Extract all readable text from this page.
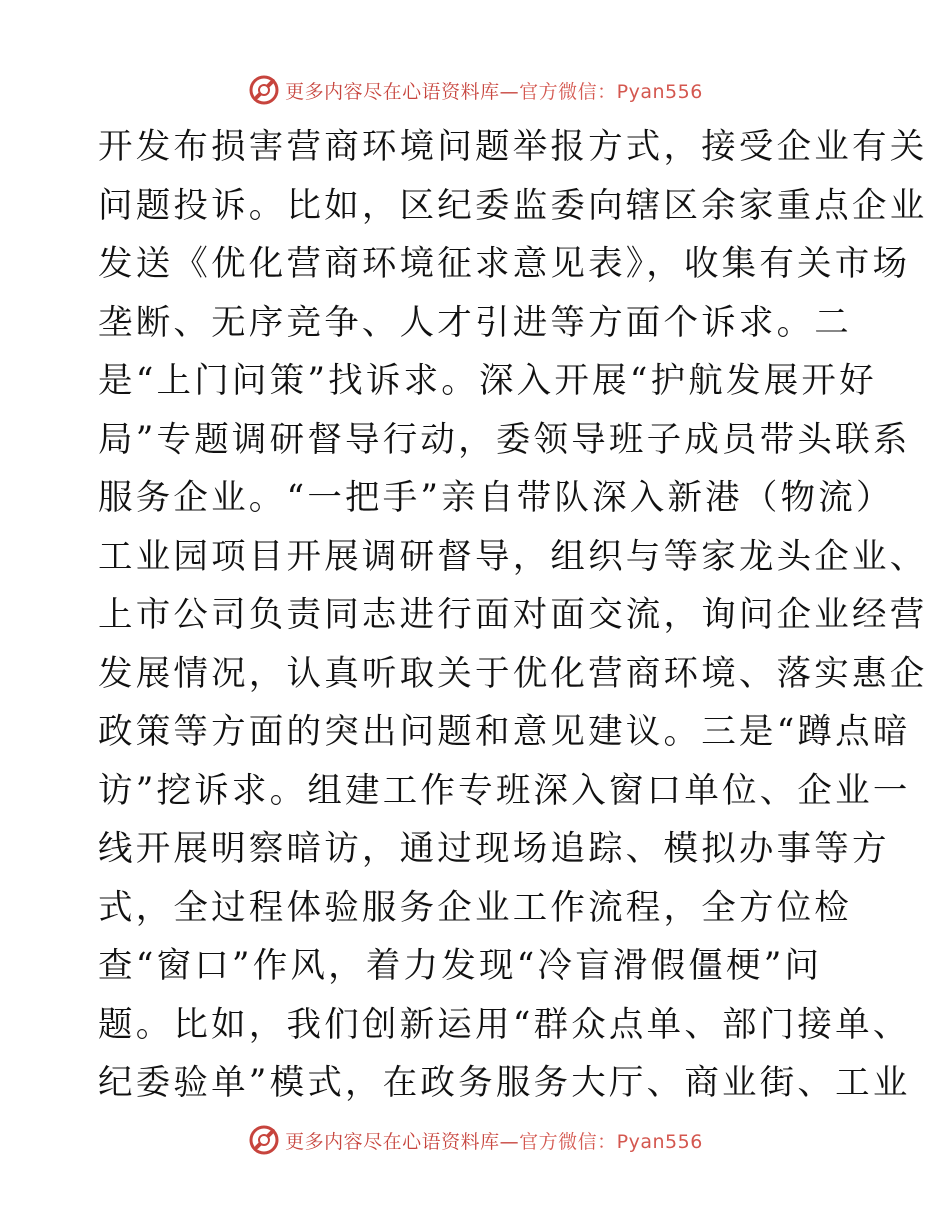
更多内容尽在心语资料库—官方微信：Pyan556
开发布损害营商环境问题举报方式，接受企业有关
问题投诉。比如，区纪委监委向辖区余家重点企业
发送《优化营商环境征求意见表》，收集有关市场
垄断、无序竞争、人才引进等方面个诉求。二
是“上门问策”找诉求。深入开展“护航发展开好
局”专题调研督导行动，委领导班子成员带头联系
服务企业。“一把手”亲自带队深入新港（物流）
工业园项目开展调研督导，组织与等家龙头企业、
上市公司负责同志进行面对面交流，询问企业经营
发展情况，认真听取关于优化营商环境、落实惠企
政策等方面的突出问题和意见建议。三是“蹲点暗
访”挖诉求。组建工作专班深入窗口单位、企业一
线开展明察暗访，通过现场追踪、模拟办事等方
式，全过程体验服务企业工作流程，全方位检
查“窗口”作风，着力发现“冷盲滑假僵梗”问
题。比如，我们创新运用“群众点单、部门接单、
纪委验单”模式，在政务服务大厅、商业街、工业
更多内容尽在心语资料库—官方微信：Pyan556
